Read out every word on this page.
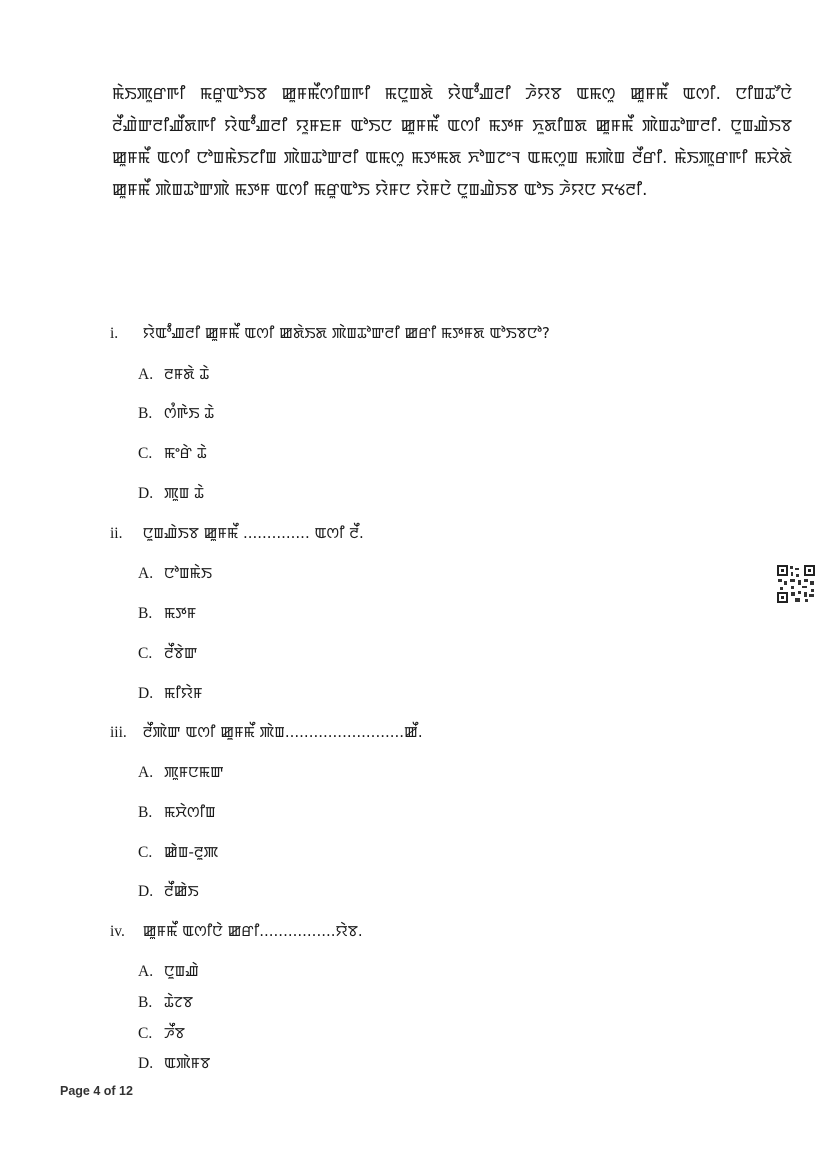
ꯃꯥꯏꯄꯨꯔꯒꯤ ꯃꯔꯨꯑꯣꯏꯕ ꯀꯨꯝꯃꯩꯁꯤꯡꯒꯤ ꯃꯅꯨꯡꯗꯥ ꯌꯥꯑꯣꯪꯉꯂꯤ ꯍꯥꯌꯕ ꯑꯃꯁꯨ ꯀꯨꯝꯃꯩ ꯑꯁꯤ. ꯅꯤꯡꯊꯧꯅꯥ ꯂꯩꯉꯥꯛꯂꯤꯉꯩꯗꯒꯤ ꯌꯥꯑꯣꯪꯉꯂꯤ ꯌꯨꯝꯐꯝ ꯑꯣꯏꯅ ꯀꯨꯝꯃꯩ ꯑꯁꯤ ꯃꯇꯝ ꯈꯨꯗꯤꯡꯗ ꯀꯨꯝꯃꯩ ꯄꯥꯡꯊꯣꯛꯂꯤ. ꯅꯨꯡꯉꯥꯏꯕ ꯀꯨꯝꯃꯩ ꯑꯁꯤ ꯅꯣꯡꯃꯥꯏꯖꯤꯡ ꯄꯥꯡꯊꯣꯛꯂꯤ ꯑꯃꯁꯨ ꯃꯇꯃꯗ ꯈꯣꯡꯖꯦꯜ ꯑꯃꯁꯨꯡ ꯃꯄꯥꯡ ꯂꯩꯔꯤ. ꯃꯥꯏꯄꯨꯔꯒꯤ ꯃꯆꯥꯗꯥ ꯀꯨꯝꯃꯩ ꯄꯥꯡꯊꯣꯛꯄꯥ ꯃꯇꯝ ꯑꯁꯤ ꯃꯔꯨꯑꯣꯏ ꯌꯥꯝꯅ ꯌꯥꯝꯅꯥ ꯅꯨꯡꯉꯥꯏꯕ ꯑꯣꯏ ꯍꯥꯌꯅ ꯆꯠꯂꯤ.
i. ꯌꯥꯑꯣꯪꯉꯂꯤ ꯀꯨꯝꯃꯩ ꯑꯁꯤ ꯀꯗꯥꯏꯗ ꯄꯥꯡꯊꯣꯛꯂꯤ ꯀꯔꯤ ꯃꯇꯝꯗ ꯑꯣꯏꯕꯅꯣ?
A. ꯂꯝꯗꯥ ꯊꯥ
B. ꯁꯪꯒꯥꯏ ꯊꯥ
C. ꯃꯦꯔꯥ ꯊꯥ
D. ꯄꯨꯡ ꯊꯥ
ii. ꯅꯨꯡꯉꯥꯏꯕ ꯀꯨꯝꯃꯩ .............. ꯑꯁꯤ ꯂꯩ.
A. ꯅꯣꯡꯃꯥꯏ
B. ꯃꯇꯝ
C. ꯂꯩꯕꯥꯛ
D. ꯃꯤꯌꯥꯝ
iii. ꯂꯩꯄꯥꯛ ꯑꯁꯤ ꯀꯨꯝꯃꯩ ꯄꯥꯡ.........................ꯀꯩ.
A. ꯄꯨꯝꯅꯃꯛ
B. ꯃꯆꯥꯁꯤꯡ
C. ꯀꯥꯡ-ꯂꯨꯄ
D. ꯂꯩꯀꯥꯏ
iv. ꯀꯨꯝꯃꯩ ꯑꯁꯤꯅꯥ ꯀꯔꯤ................ꯌꯥꯕ.
A. ꯅꯨꯡꯉꯥ
B. ꯊꯥꯖꯕ
C. ꯍꯩꯕ
D. ꯑꯄꯥꯝꯕ
Page 4 of 12
